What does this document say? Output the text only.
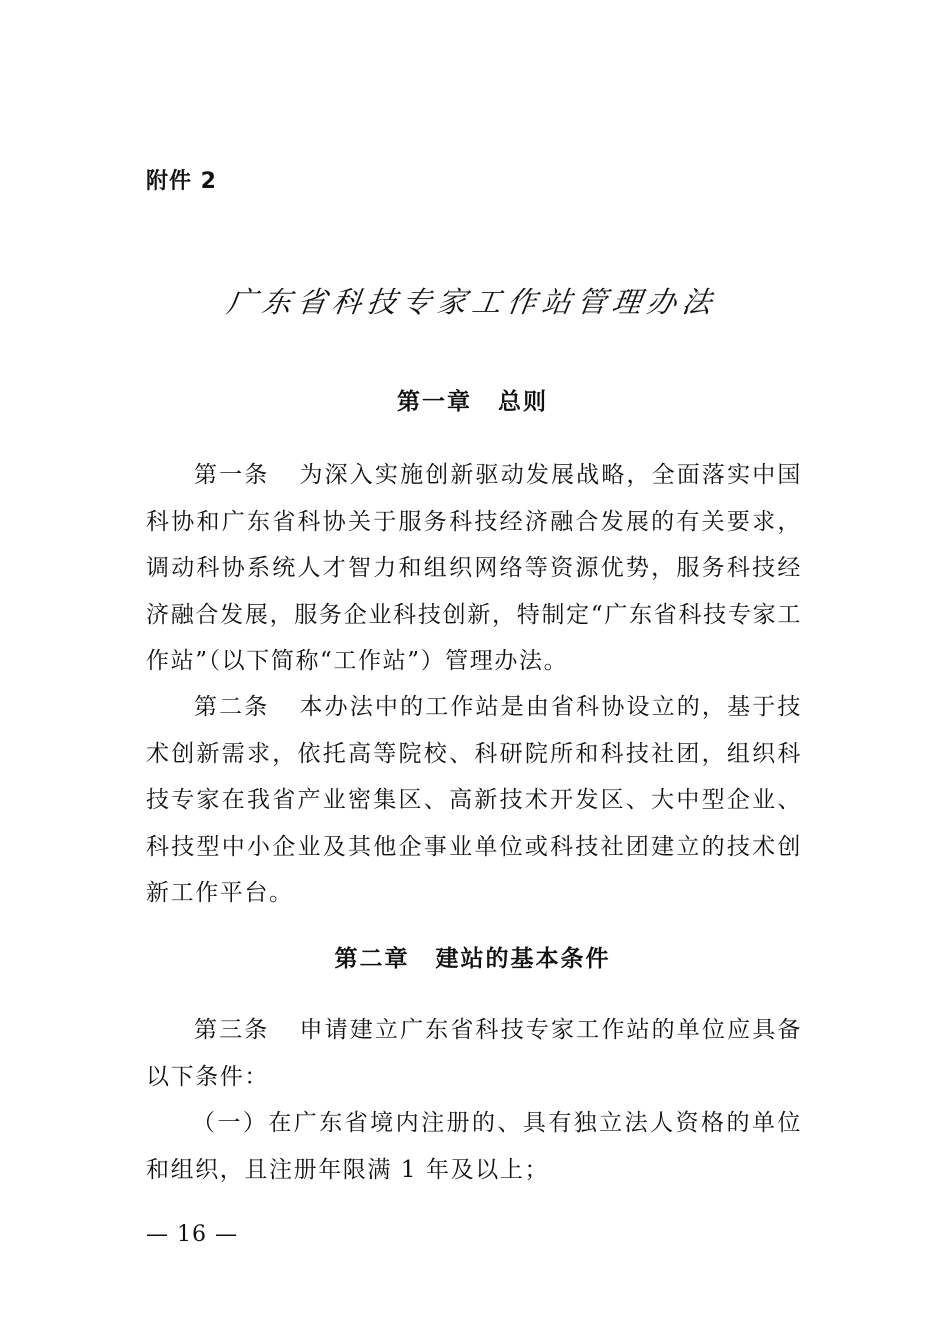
附件 2
广东省科技专家工作站管理办法
第一章 总则
第一条 为深入实施创新驱动发展战略，全面落实中国科协和广东省科协关于服务科技经济融合发展的有关要求，调动科协系统人才智力和组织网络等资源优势，服务科技经济融合发展，服务企业科技创新，特制定“广东省科技专家工作站”（以下简称“工作站”）管理办法。
第二条 本办法中的工作站是由省科协设立的，基于技术创新需求，依托高等院校、科研院所和科技社团，组织科技专家在我省产业密集区、高新技术开发区、大中型企业、科技型中小企业及其他企事业单位或科技社团建立的技术创新工作平台。
第二章 建站的基本条件
第三条 申请建立广东省科技专家工作站的单位应具备以下条件：
（一）在广东省境内注册的、具有独立法人资格的单位和组织，且注册年限满 1 年及以上；
— 16 —
